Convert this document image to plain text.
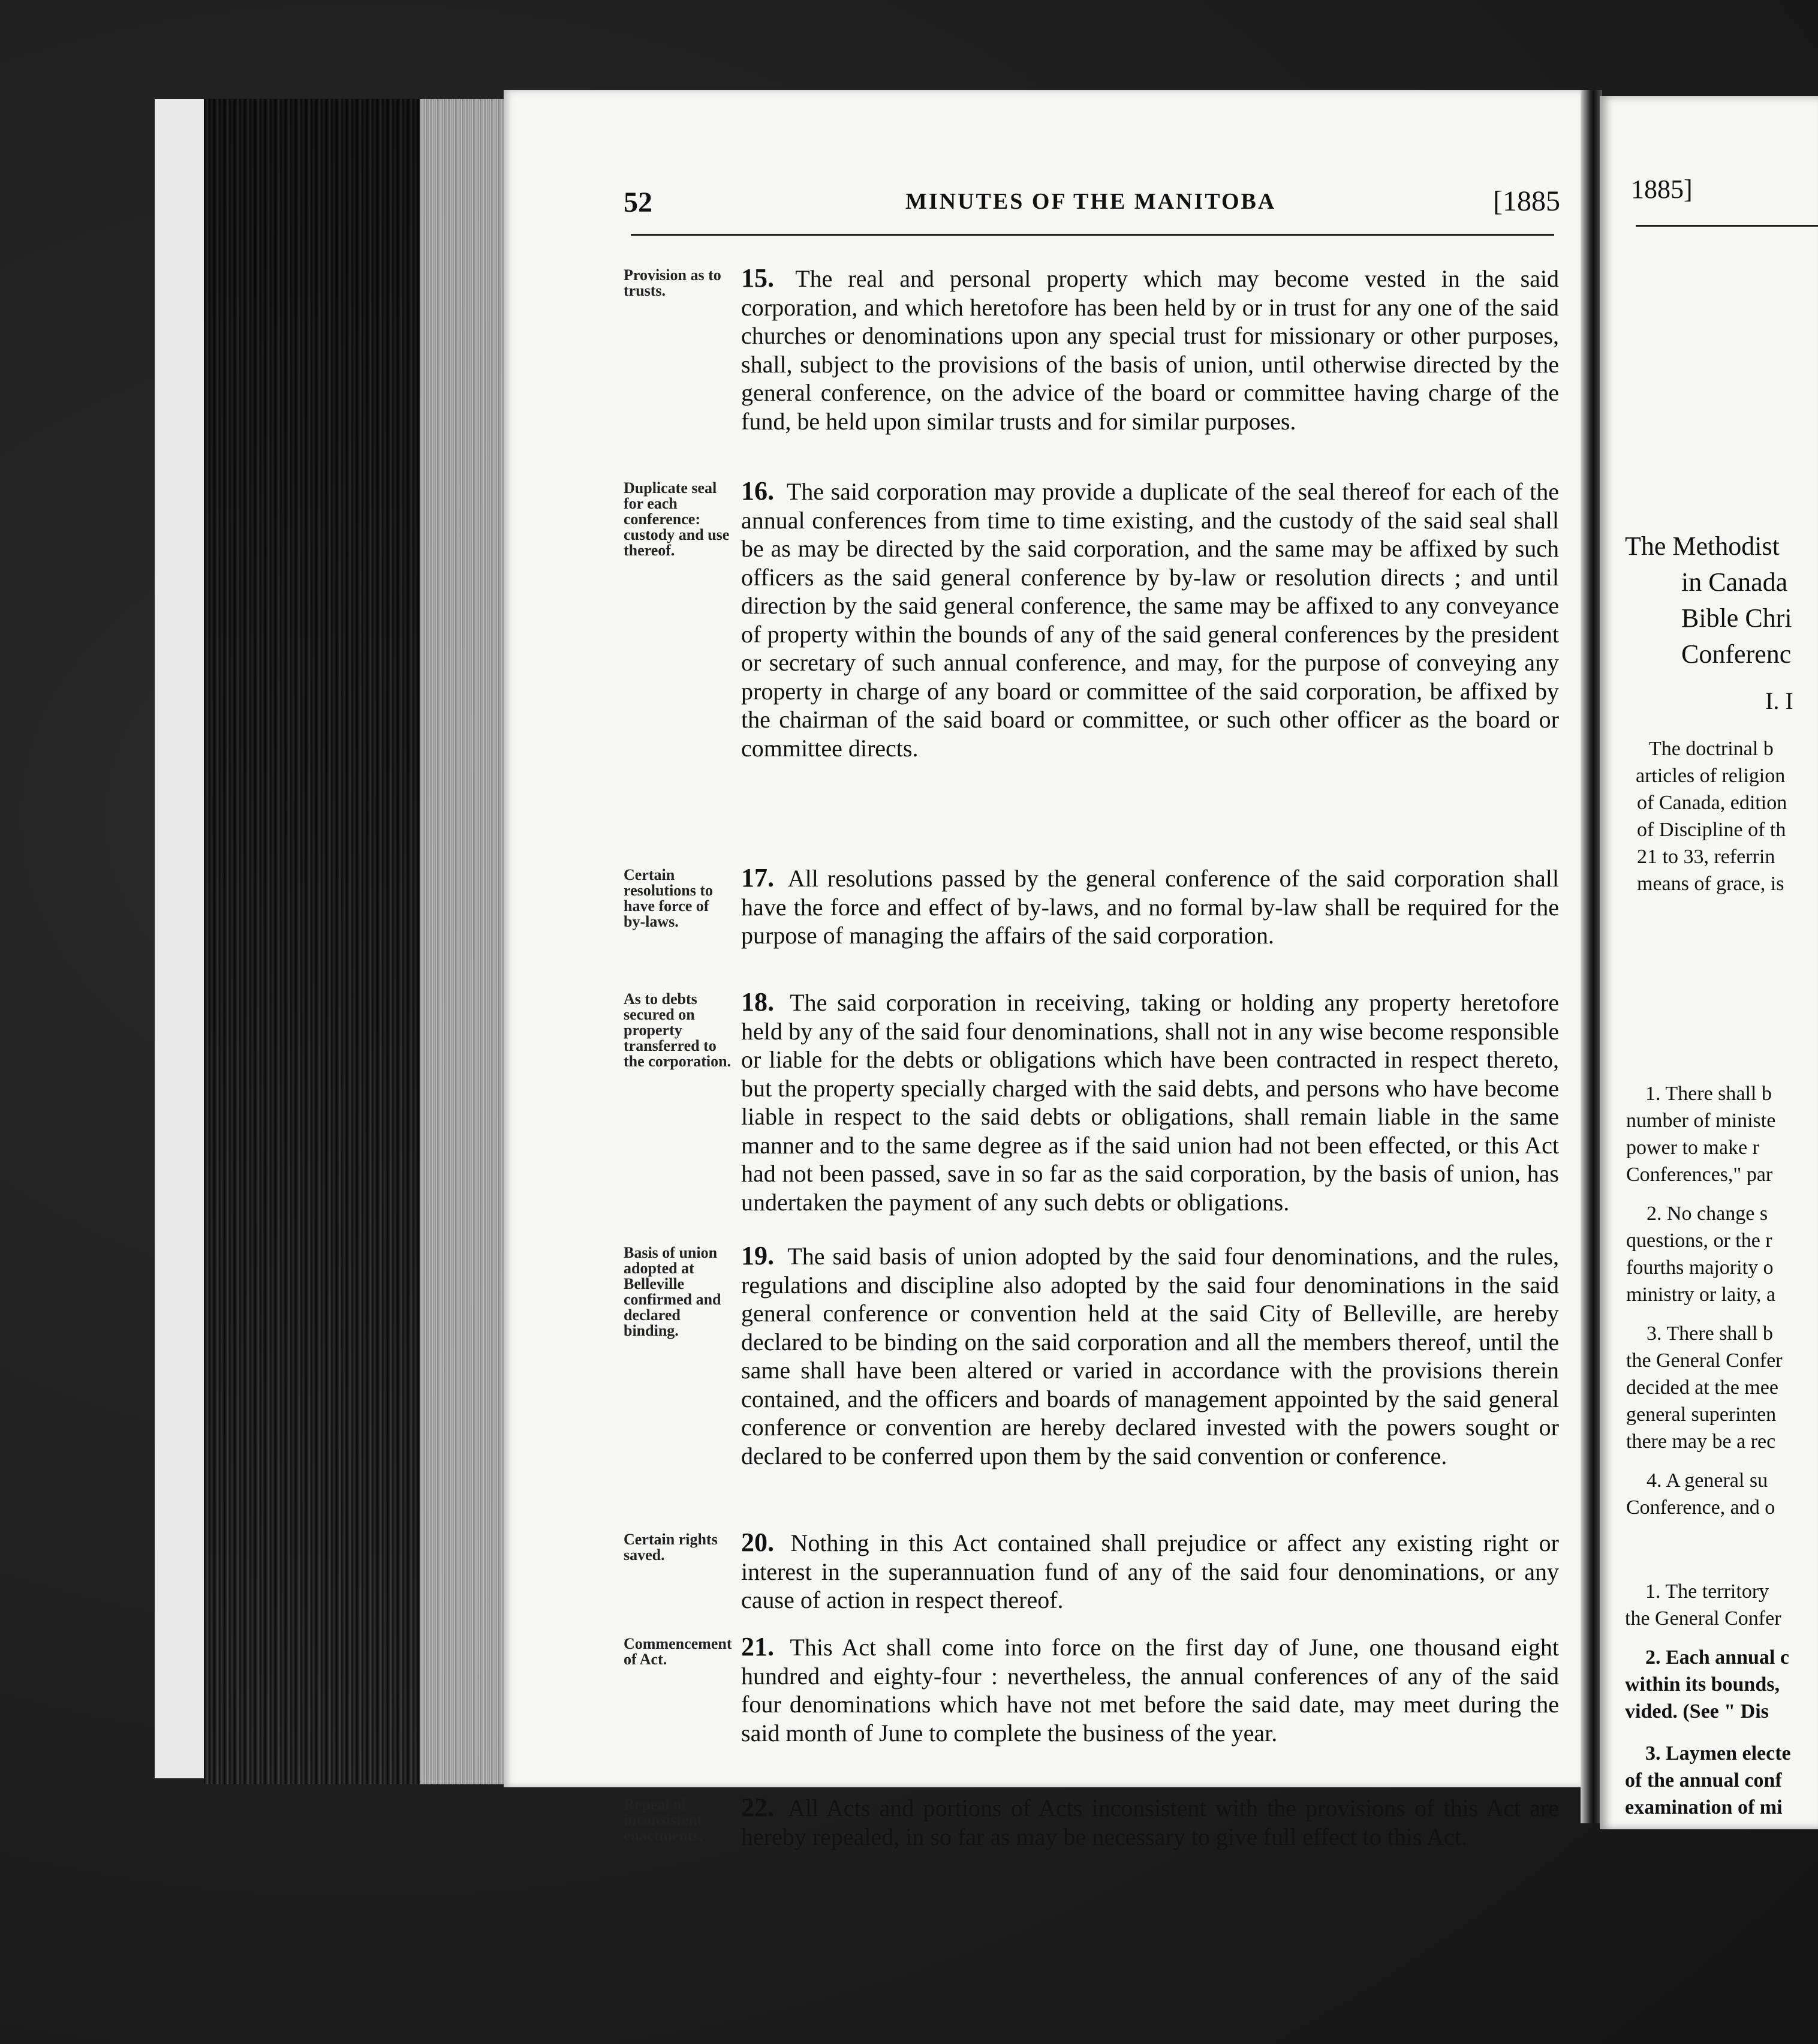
52	MINUTES OF THE MANITOBA	[1885
Provision as to trusts.	15. The real and personal property which may become vested in the said corporation, and which heretofore has been held by or in trust for any one of the said churches or denominations upon any special trust for missionary or other purposes, shall, subject to the provisions of the basis of union, until otherwise directed by the general conference, on the advice of the board or committee having charge of the fund, be held upon similar trusts and for similar purposes.
Duplicate seal for each conference: custody and use thereof.
16. The said corporation may provide a duplicate of the seal thereof for each of the annual conferences from time to time existing, and the custody of the said seal shall be as may be directed by the said corporation, and the same may be affixed by such officers as the said general conference by by-law or resolution directs ; and until direction by the said general conference, the same may be affixed to any conveyance of property within the bounds of any of the said general conferences by the president or secretary of such annual conference, and may, for the purpose of conveying any property in charge of any board or committee of the said corporation, be affixed by the chairman of the said board or committee, or such other officer as the board or committee directs.
Certain resolutions to have force of by-laws.
17. All resolutions passed by the general conference of the said corporation shall have the force and effect of by-laws, and no formal by-law shall be required for the purpose of managing the affairs of the said corporation.
As to debts secured on property transferred to the corporation.
18. The said corporation in receiving, taking or holding any property heretofore held by any of the said four denominations, shall not in any wise become responsible or liable for the debts or obligations which have been contracted in respect thereto, but the property specially charged with the said debts, and persons who have become liable in respect to the said debts or obligations, shall remain liable in the same manner and to the same degree as if the said union had not been effected, or this Act had not been passed, save in so far as the said corporation, by the basis of union, has undertaken the payment of any such debts or obligations.
Basis of union adopted at Belleville confirmed and declared binding.
19. The said basis of union adopted by the said four denominations, and the rules, regulations and discipline also adopted by the said four denominations in the said general conference or convention held at the said City of Belleville, are hereby declared to be binding on the said corporation and all the members thereof, until the same shall have been altered or varied in accordance with the provisions therein contained, and the officers and boards of management appointed by the said general conference or convention are hereby declared invested with the powers sought or declared to be conferred upon them by the said convention or conference.
Certain rights saved.	20. Nothing in this Act contained shall prejudice or affect any existing right or interest in the superannuation fund of any of the said four denominations, or any cause of action in respect thereof.
Commencement of Act.	21. This Act shall come into force on the first day of June, one thousand eight hundred and eighty-four : nevertheless, the annual conferences of any of the said four denominations which have not met before the said date, may meet during the said month of June to complete the business of the year.
Repeal of inconsistent enactments.
22. All Acts and portions of Acts inconsistent with the provisions of this Act are hereby repealed, in so far as may be necessary to give full effect to this Act.
1885]
The Methodist
in Canada
Bible Chri
Conferenc
I. I
The doctrinal b
articles of religion
of Canada, edition
of Discipline of th
21 to 33, referrin
means of grace, is
1. There shall b
number of ministe
power to make r
Conferences," par
2. No change s
questions, or the r
fourths majority o
ministry or laity, a
3. There shall b
the General Confer
decided at the mee
general superinten
there may be a rec
4. A general su
Conference, and o
1. The territory
the General Confer
2. Each annual c
within its bounds,
vided. (See " Dis
3. Laymen electe
of the annual conf
examination of mi
